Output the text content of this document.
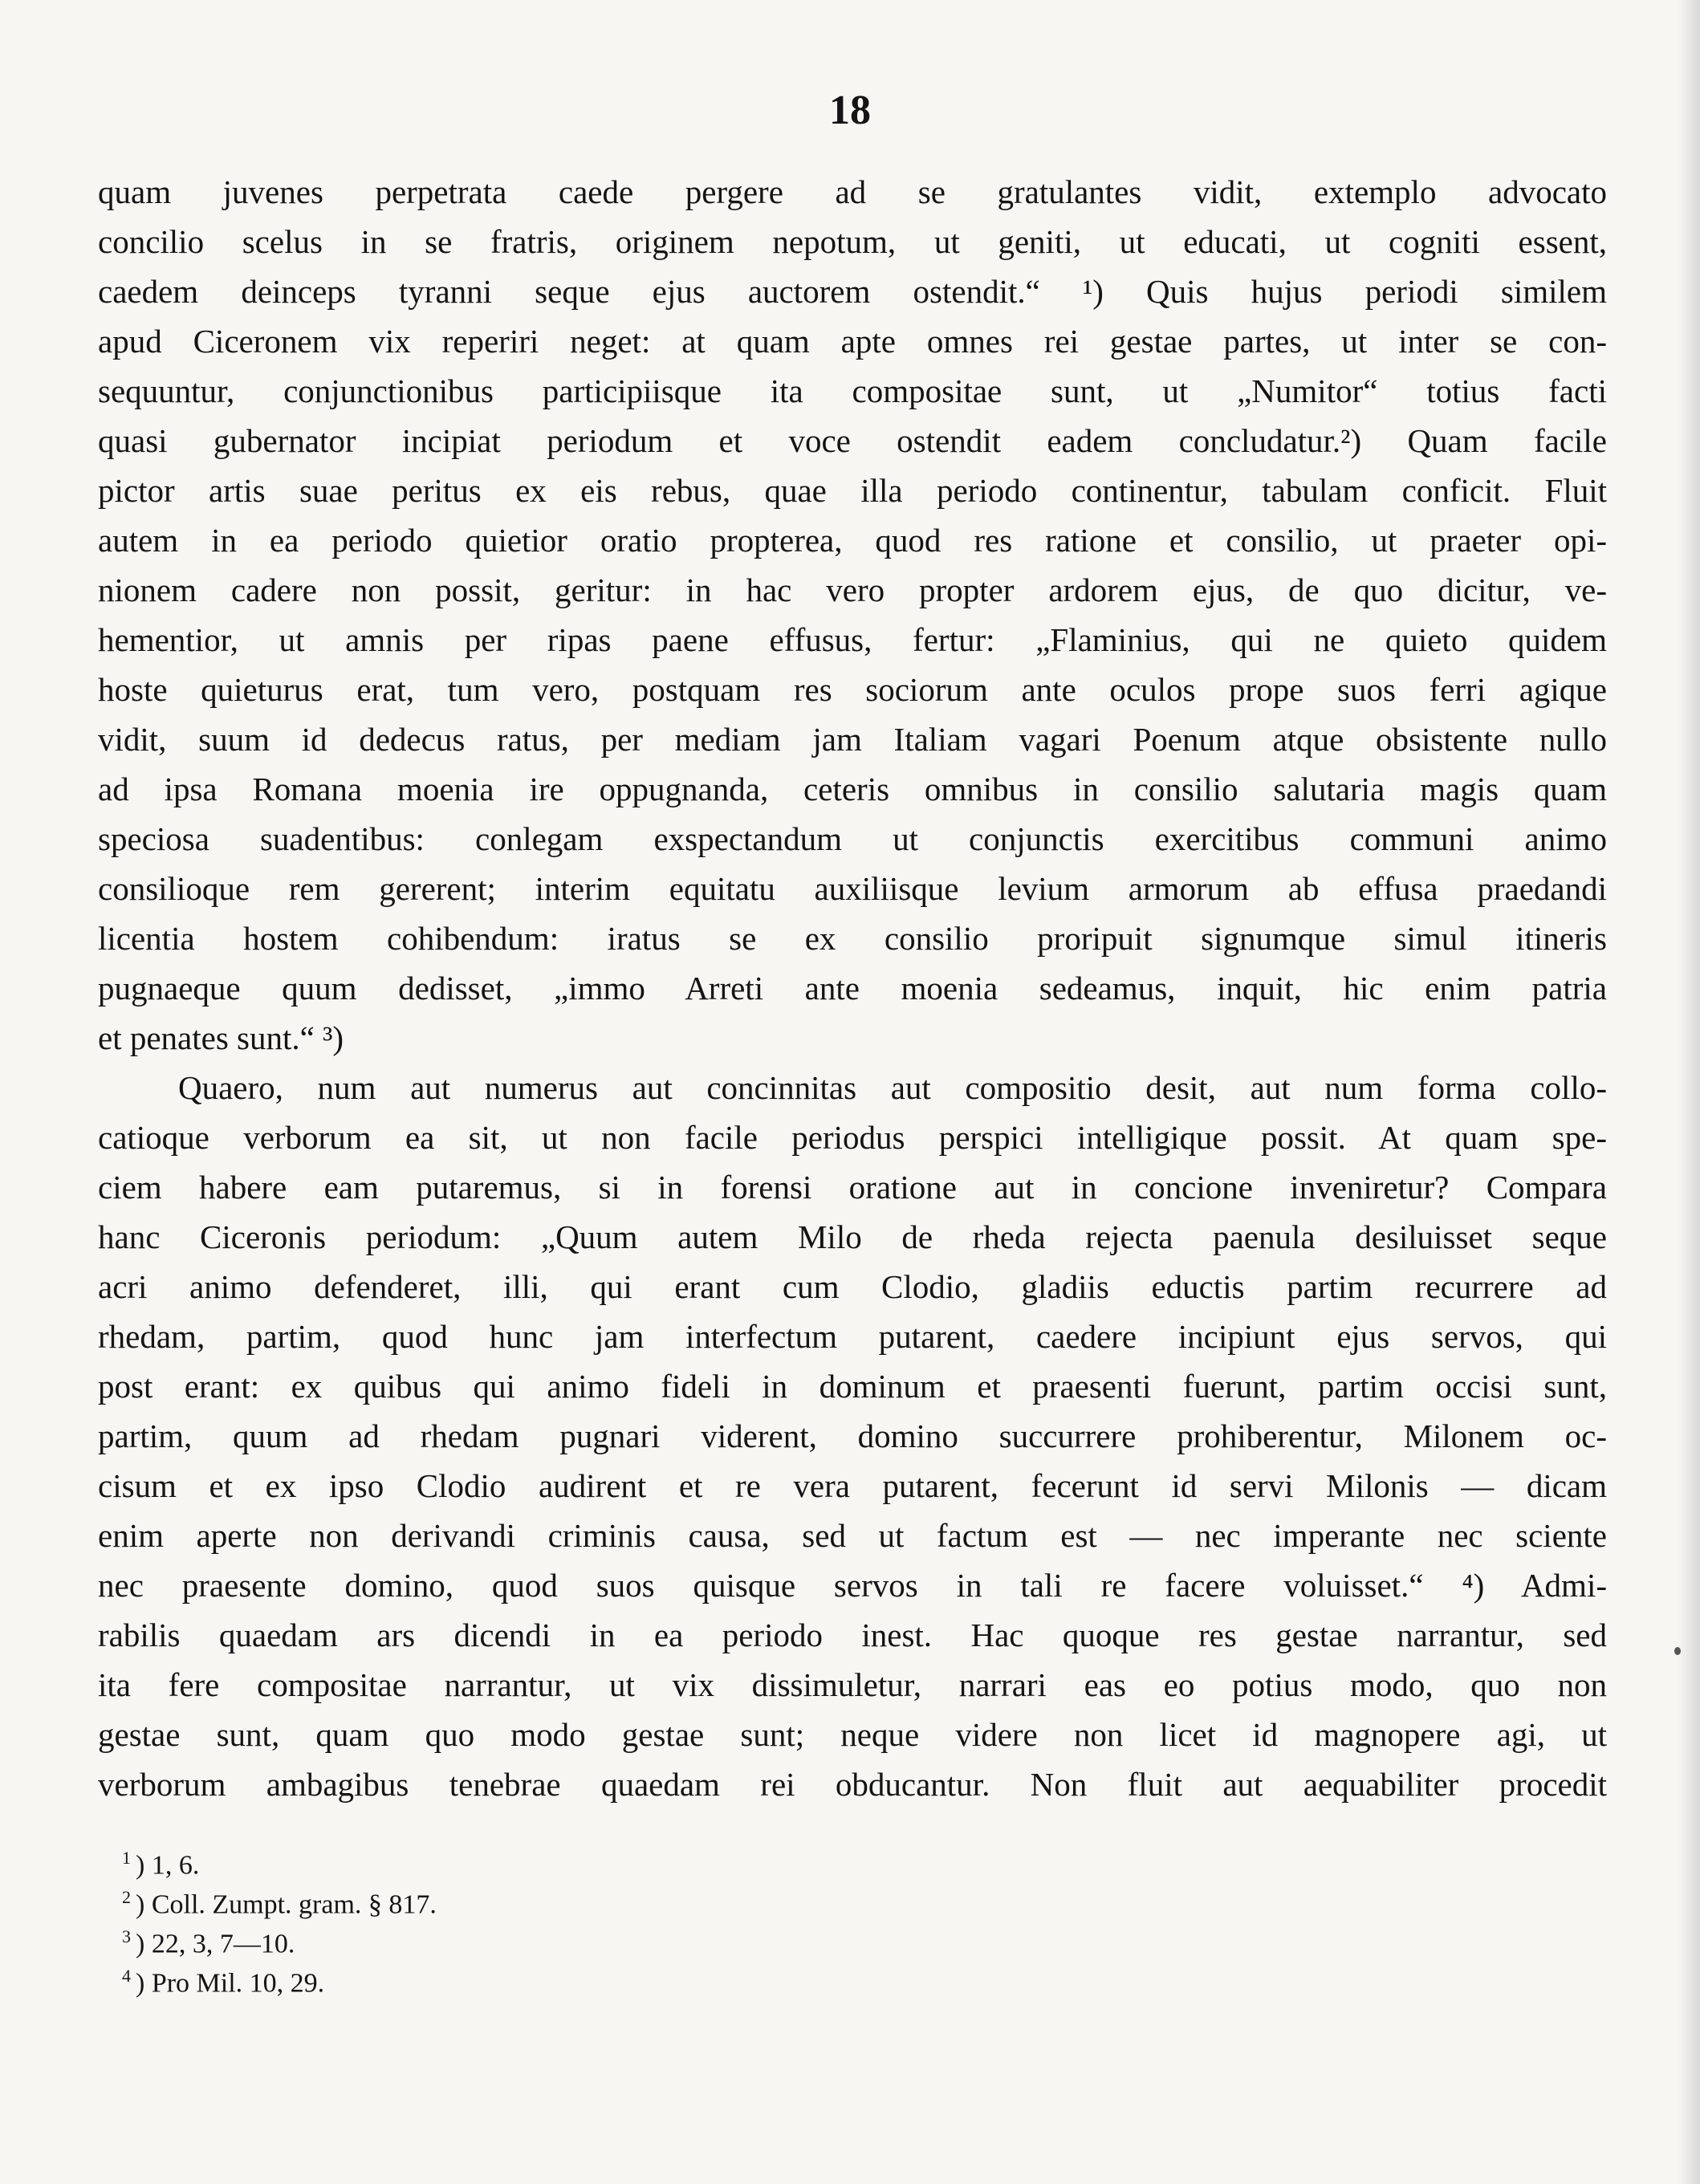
18
quam juvenes perpetrata caede pergere ad se gratulantes vidit, extemplo advocato
concilio scelus in se fratris, originem nepotum, ut geniti, ut educati, ut cogniti essent,
caedem deinceps tyranni seque ejus auctorem ostendit.“ ¹) Quis hujus periodi similem
apud Ciceronem vix reperiri neget: at quam apte omnes rei gestae partes, ut inter se con-
sequuntur, conjunctionibus participiisque ita compositae sunt, ut „Numitor“ totius facti
quasi gubernator incipiat periodum et voce ostendit eadem concludatur.²) Quam facile
pictor artis suae peritus ex eis rebus, quae illa periodo continentur, tabulam conficit. Fluit
autem in ea periodo quietior oratio propterea, quod res ratione et consilio, ut praeter opi-
nionem cadere non possit, geritur: in hac vero propter ardorem ejus, de quo dicitur, ve-
hementior, ut amnis per ripas paene effusus, fertur: „Flaminius, qui ne quieto quidem
hoste quieturus erat, tum vero, postquam res sociorum ante oculos prope suos ferri agique
vidit, suum id dedecus ratus, per mediam jam Italiam vagari Poenum atque obsistente nullo
ad ipsa Romana moenia ire oppugnanda, ceteris omnibus in consilio salutaria magis quam
speciosa suadentibus: conlegam exspectandum ut conjunctis exercitibus communi animo
consilioque rem gererent; interim equitatu auxiliisque levium armorum ab effusa praedandi
licentia hostem cohibendum: iratus se ex consilio proripuit signumque simul itineris
pugnaeque quum dedisset, „immo Arreti ante moenia sedeamus, inquit, hic enim patria
et penates sunt.“ ³)
Quaero, num aut numerus aut concinnitas aut compositio desit, aut num forma collo-
catioque verborum ea sit, ut non facile periodus perspici intelligique possit. At quam spe-
ciem habere eam putaremus, si in forensi oratione aut in concione inveniretur? Compara
hanc Ciceronis periodum: „Quum autem Milo de rheda rejecta paenula desiluisset seque
acri animo defenderet, illi, qui erant cum Clodio, gladiis eductis partim recurrere ad
rhedam, partim, quod hunc jam interfectum putarent, caedere incipiunt ejus servos, qui
post erant: ex quibus qui animo fideli in dominum et praesenti fuerunt, partim occisi sunt,
partim, quum ad rhedam pugnari viderent, domino succurrere prohiberentur, Milonem oc-
cisum et ex ipso Clodio audirent et re vera putarent, fecerunt id servi Milonis — dicam
enim aperte non derivandi criminis causa, sed ut factum est — nec imperante nec sciente
nec praesente domino, quod suos quisque servos in tali re facere voluisset.“ ⁴) Admi-
rabilis quaedam ars dicendi in ea periodo inest. Hac quoque res gestae narrantur, sed
ita fere compositae narrantur, ut vix dissimuletur, narrari eas eo potius modo, quo non
gestae sunt, quam quo modo gestae sunt; neque videre non licet id magnopere agi, ut
verborum ambagibus tenebrae quaedam rei obducantur. Non fluit aut aequabiliter procedit
$^1$ ) 1, 6.
$^2$ ) Coll. Zumpt. gram. § 817.
$^3$ ) 22, 3, 7—10.
$^4$ ) Pro Mil. 10, 29.
